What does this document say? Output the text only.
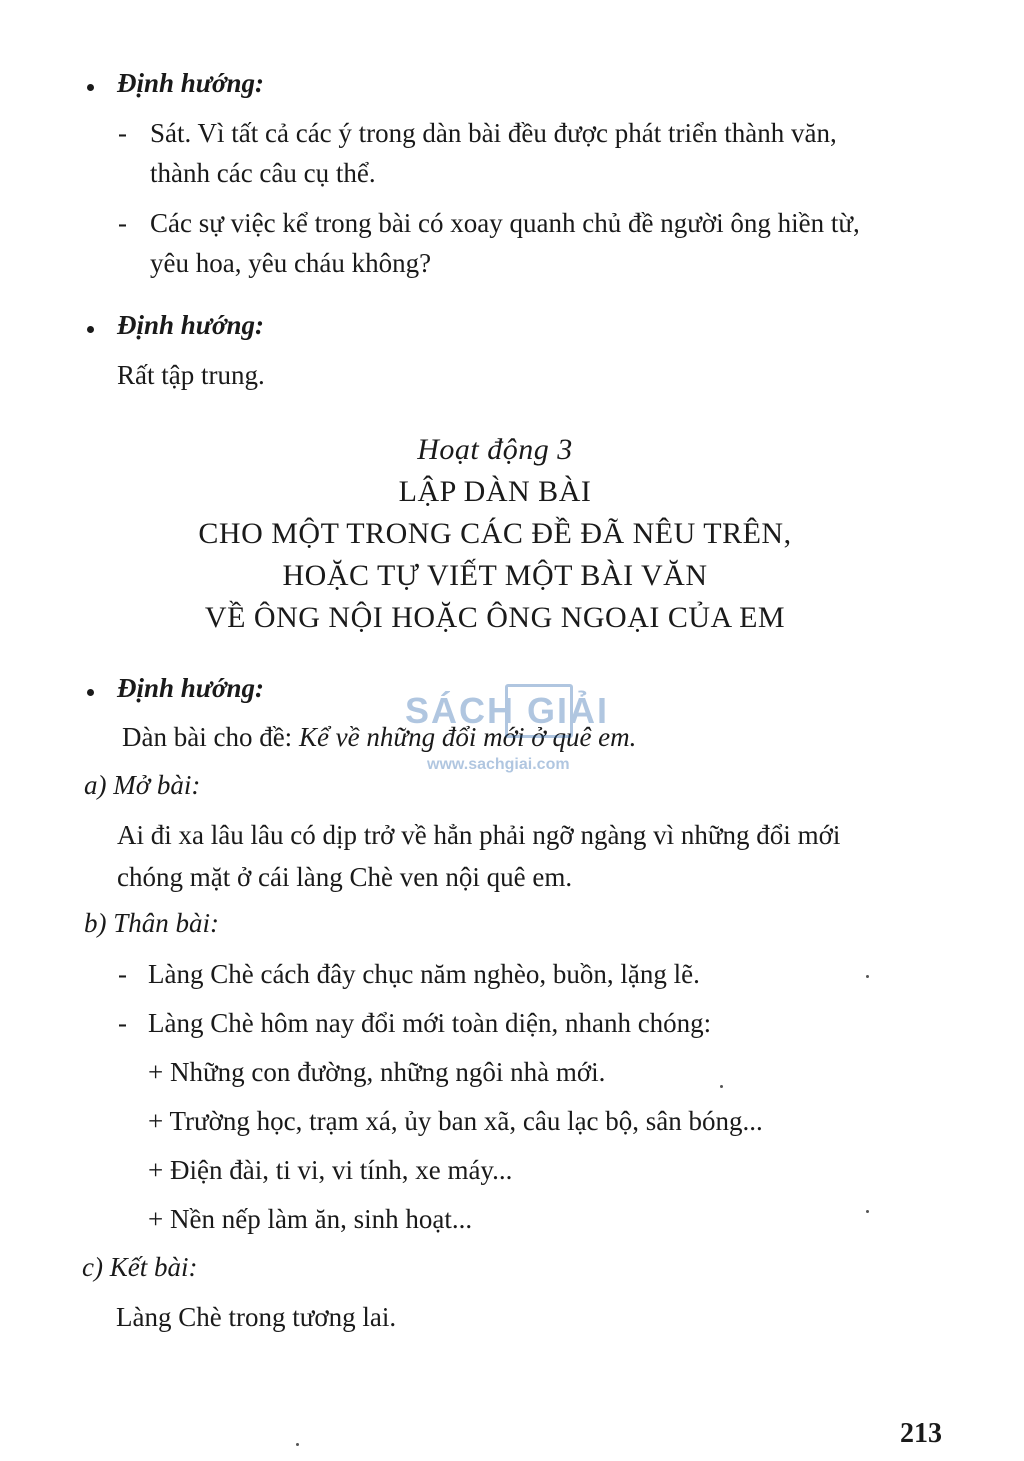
Định hướng:
- Sát. Vì tất cả các ý trong dàn bài đều được phát triển thành văn,
thành các câu cụ thể.
- Các sự việc kể trong bài có xoay quanh chủ đề người ông hiền từ,
yêu hoa, yêu cháu không?
Định hướng:
Rất tập trung.
Hoạt động 3
LẬP DÀN BÀI
CHO MỘT TRONG CÁC ĐỀ ĐÃ NÊU TRÊN,
HOẶC TỰ VIẾT MỘT BÀI VĂN
VỀ ÔNG NỘI HOẶC ÔNG NGOẠI CỦA EM
Định hướng:
Dàn bài cho đề: Kể về những đổi mới ở quê em.
SÁCH GIẢI
www.sachgiai.com
a) Mở bài:
Ai đi xa lâu lâu có dịp trở về hẳn phải ngỡ ngàng vì những đổi mới
chóng mặt ở cái làng Chè ven nội quê em.
b) Thân bài:
- Làng Chè cách đây chục năm nghèo, buồn, lặng lẽ.
- Làng Chè hôm nay đổi mới toàn diện, nhanh chóng:
+ Những con đường, những ngôi nhà mới.
+ Trường học, trạm xá, ủy ban xã, câu lạc bộ, sân bóng...
+ Điện đài, ti vi, vi tính, xe máy...
+ Nền nếp làm ăn, sinh hoạt...
c) Kết bài:
Làng Chè trong tương lai.
213
